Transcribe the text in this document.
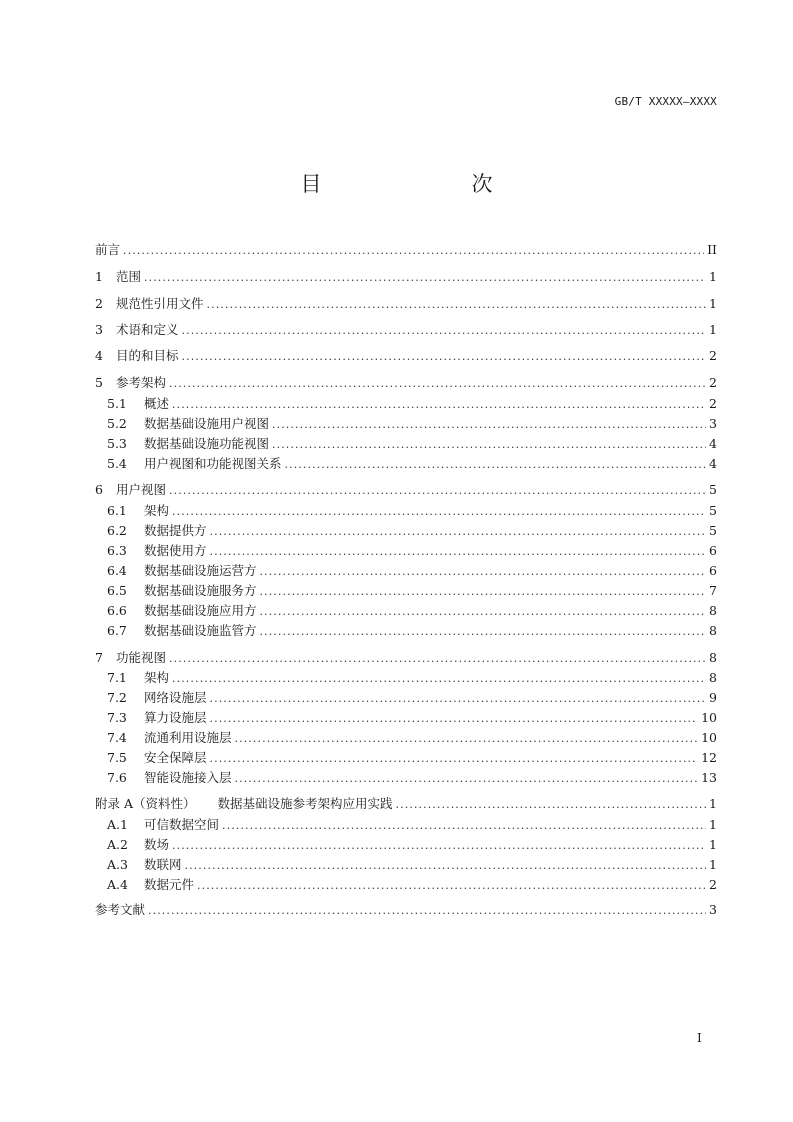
GB/T XXXXX—XXXX
目　　次
前言 .....	II
1	范围 .....	1
2	规范性引用文件 .....	1
3	术语和定义 .....	1
4	目的和目标 .....	2
5	参考架构 .....	2
5.1	概述 .....	2
5.2	数据基础设施用户视图 .....	3
5.3	数据基础设施功能视图 .....	4
5.4	用户视图和功能视图关系 .....	4
6	用户视图 .....	5
6.1	架构 .....	5
6.2	数据提供方 .....	5
6.3	数据使用方 .....	6
6.4	数据基础设施运营方 .....	6
6.5	数据基础设施服务方 .....	7
6.6	数据基础设施应用方 .....	8
6.7	数据基础设施监管方 .....	8
7	功能视图 .....	8
7.1	架构 .....	8
7.2	网络设施层 .....	9
7.3	算力设施层 .....	10
7.4	流通利用设施层 .....	10
7.5	安全保障层 .....	12
7.6	智能设施接入层 .....	13
附录 A（资料性） 数据基础设施参考架构应用实践 .....	1
A.1	可信数据空间 .....	1
A.2	数场 .....	1
A.3	数联网 .....	1
A.4	数据元件 .....	2
参考文献 .....	3
I
